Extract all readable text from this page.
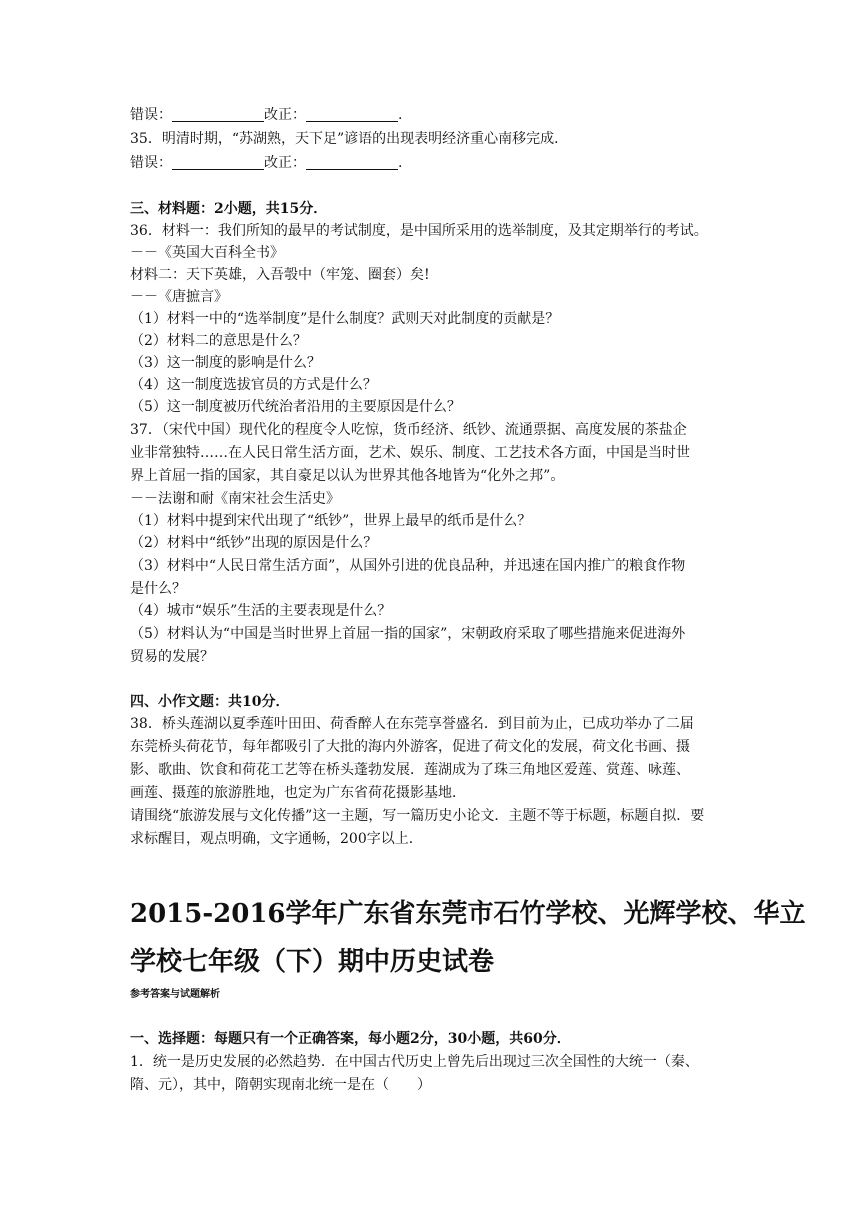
错误：	改正：	.
35．明清时期，“苏湖熟，天下足”谚语的出现表明经济重心南移完成．
错误：	改正：	.
三、材料题：2小题，共15分．
36．材料一：我们所知的最早的考试制度，是中国所采用的选举制度，及其定期举行的考试。
－－《英国大百科全书》
材料二：天下英雄，入吾彀中（牢笼、圈套）矣!
－－《唐摭言》
（1）材料一中的“选举制度”是什么制度？武则天对此制度的贡献是？
（2）材料二的意思是什么？
（3）这一制度的影响是什么？
（4）这一制度选拔官员的方式是什么？
（5）这一制度被历代统治者沿用的主要原因是什么？
37．（宋代中国）现代化的程度令人吃惊，货币经济、纸钞、流通票据、高度发展的茶盐企
业非常独特……在人民日常生活方面，艺术、娱乐、制度、工艺技术各方面，中国是当时世
界上首屈一指的国家，其自豪足以认为世界其他各地皆为“化外之邦”。
－－法谢和耐《南宋社会生活史》
（1）材料中提到宋代出现了“纸钞”，世界上最早的纸币是什么？
（2）材料中“纸钞”出现的原因是什么？
（3）材料中“人民日常生活方面”，从国外引进的优良品种，并迅速在国内推广的粮食作物
是什么？
（4）城市“娱乐”生活的主要表现是什么？
（5）材料认为“中国是当时世界上首屈一指的国家”，宋朝政府采取了哪些措施来促进海外
贸易的发展？
四、小作文题：共10分．
38．桥头莲湖以夏季莲叶田田、荷香醉人在东莞享誉盛名．到目前为止，已成功举办了二届
东莞桥头荷花节，每年都吸引了大批的海内外游客，促进了荷文化的发展，荷文化书画、摄
影、歌曲、饮食和荷花工艺等在桥头蓬勃发展．莲湖成为了珠三角地区爱莲、赏莲、咏莲、
画莲、摄莲的旅游胜地，也定为广东省荷花摄影基地．
请围绕“旅游发展与文化传播”这一主题，写一篇历史小论文．主题不等于标题，标题自拟．要
求标醒目，观点明确，文字通畅，200字以上．
2015-2016学年广东省东莞市石竹学校、光辉学校、华立
学校七年级（下）期中历史试卷
参考答案与试题解析
一、选择题：每题只有一个正确答案，每小题2分，30小题，共60分．
1．统一是历史发展的必然趋势．在中国古代历史上曾先后出现过三次全国性的大统一（秦、
隋、元），其中，隋朝实现南北统一是在（　　）
